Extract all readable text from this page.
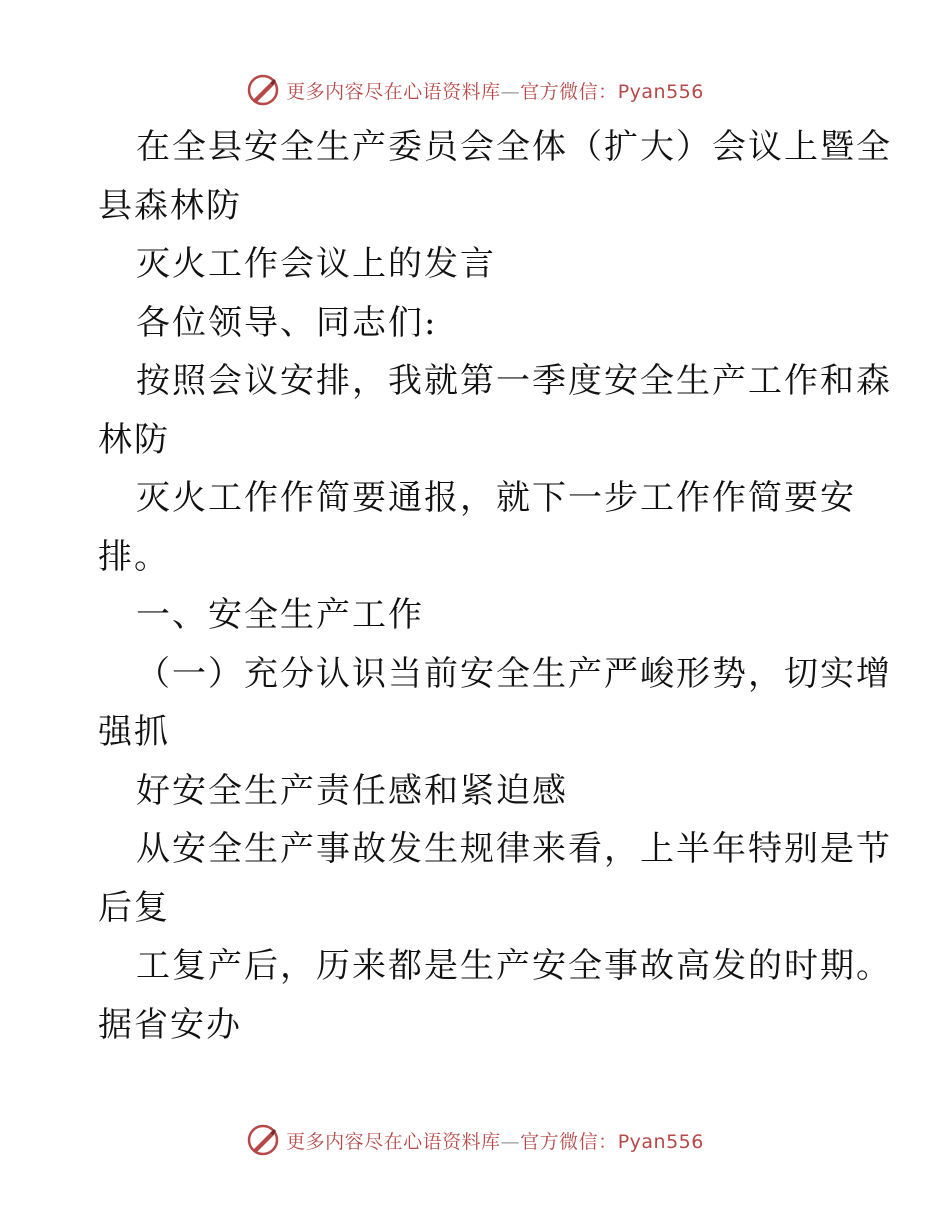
更多内容尽在心语资料库—官方微信：Pyan556
在全县安全生产委员会全体（扩大）会议上暨全
县森林防
灭火工作会议上的发言
各位领导、同志们:
按照会议安排，我就第一季度安全生产工作和森
林防
灭火工作作简要通报，就下一步工作作简要安
排。
一、安全生产工作
（一）充分认识当前安全生产严峻形势，切实增
强抓
好安全生产责任感和紧迫感
从安全生产事故发生规律来看，上半年特别是节
后复
工复产后，历来都是生产安全事故高发的时期。
据省安办
更多内容尽在心语资料库—官方微信：Pyan556
